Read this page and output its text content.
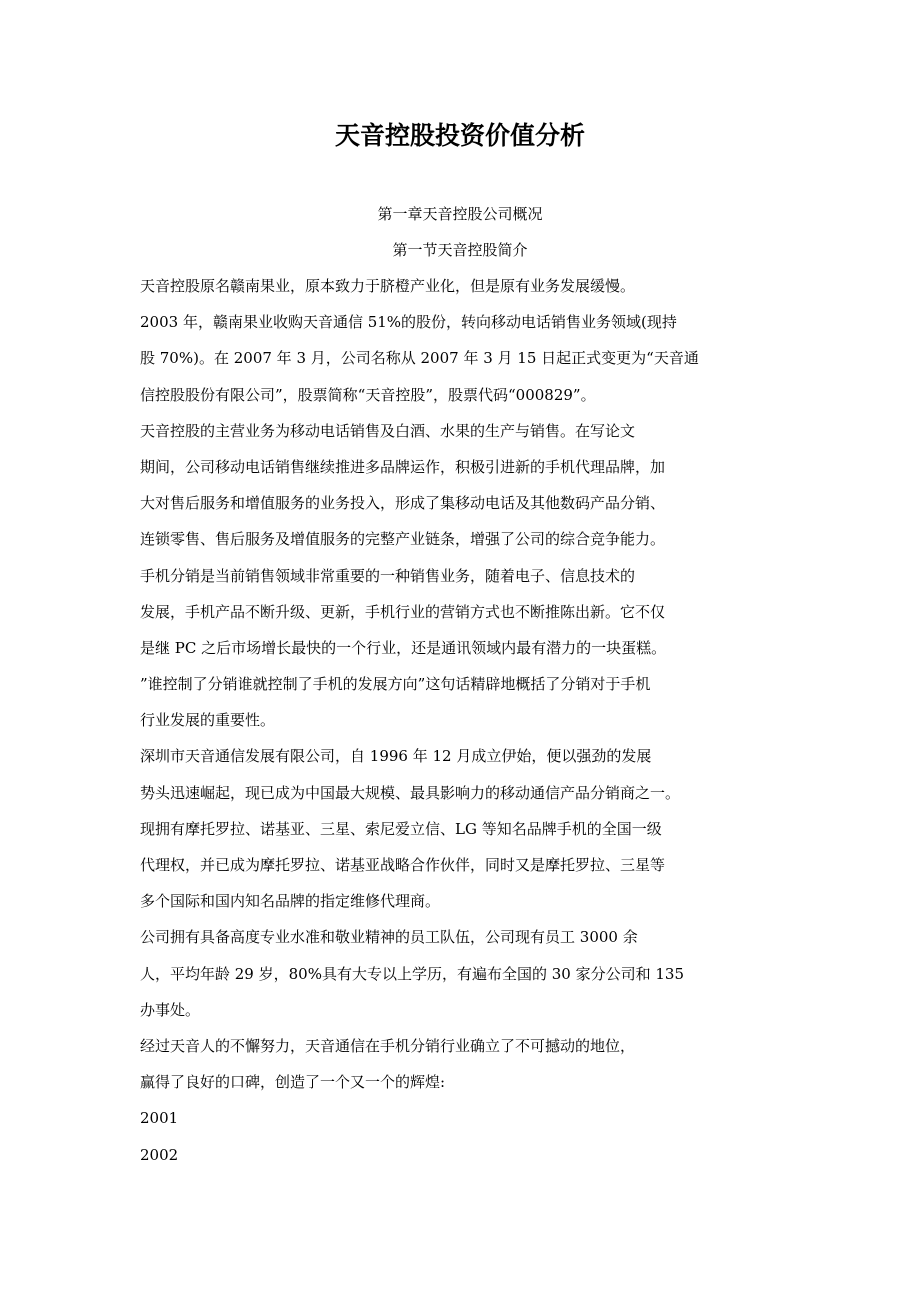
天音控股投资价值分析
第一章天音控股公司概况
第一节天音控股简介
天音控股原名赣南果业，原本致力于脐橙产业化，但是原有业务发展缓慢。
2003 年，赣南果业收购天音通信 51%的股份，转向移动电话销售业务领域(现持
股 70%)。在 2007 年 3 月，公司名称从 2007 年 3 月 15 日起正式变更为“天音通
信控股股份有限公司”，股票简称“天音控股”，股票代码“000829”。
天音控股的主营业务为移动电话销售及白酒、水果的生产与销售。在写论文
期间，公司移动电话销售继续推进多品牌运作，积极引进新的手机代理品牌，加
大对售后服务和增值服务的业务投入，形成了集移动电话及其他数码产品分销、
连锁零售、售后服务及增值服务的完整产业链条，增强了公司的综合竞争能力。
手机分销是当前销售领域非常重要的一种销售业务，随着电子、信息技术的
发展，手机产品不断升级、更新，手机行业的营销方式也不断推陈出新。它不仅
是继 PC 之后市场增长最快的一个行业，还是通讯领域内最有潜力的一块蛋糕。
”谁控制了分销谁就控制了手机的发展方向”这句话精辟地概括了分销对于手机
行业发展的重要性。
深圳市天音通信发展有限公司，自 1996 年 12 月成立伊始，便以强劲的发展
势头迅速崛起，现已成为中国最大规模、最具影响力的移动通信产品分销商之一。
现拥有摩托罗拉、诺基亚、三星、索尼爱立信、LG 等知名品牌手机的全国一级
代理权，并已成为摩托罗拉、诺基亚战略合作伙伴，同时又是摩托罗拉、三星等
多个国际和国内知名品牌的指定维修代理商。
公司拥有具备高度专业水准和敬业精神的员工队伍，公司现有员工 3000 余
人，平均年龄 29 岁，80%具有大专以上学历，有遍布全国的 30 家分公司和 135
办事处。
经过天音人的不懈努力，天音通信在手机分销行业确立了不可撼动的地位，
赢得了良好的口碑，创造了一个又一个的辉煌:
2001
2002
